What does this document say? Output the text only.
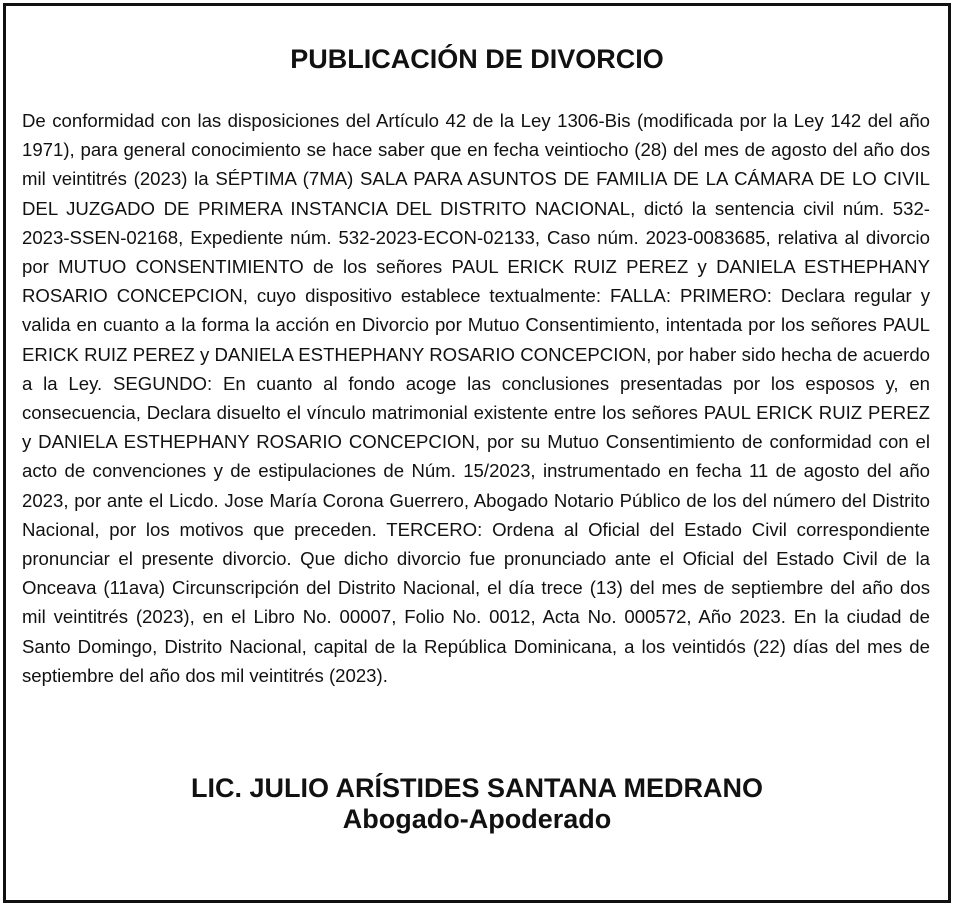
PUBLICACIÓN DE DIVORCIO

De conformidad con las disposiciones del Artículo 42 de la Ley 1306-Bis (modificada por la Ley 142 del año 1971), para general conocimiento se hace saber que en fecha veintiocho (28) del mes de agosto del año dos mil veintitrés (2023) la SÉPTIMA (7MA) SALA PARA ASUNTOS DE FAMILIA DE LA CÁMARA DE LO CIVIL DEL JUZGADO DE PRIMERA INSTANCIA DEL DISTRITO NACIONAL, dictó la sentencia civil núm. 532-2023-SSEN-02168, Expediente núm. 532-2023-ECON-02133, Caso núm. 2023-0083685, relativa al divorcio por MUTUO CONSENTIMIENTO de los señores PAUL ERICK RUIZ PEREZ y DANIELA ESTHEPHANY ROSARIO CONCEPCION, cuyo dispositivo establece textualmente: FALLA: PRIMERO: Declara regular y valida en cuanto a la forma la acción en Divorcio por Mutuo Consentimiento, intentada por los señores PAUL ERICK RUIZ PEREZ y DANIELA ESTHEPHANY ROSARIO CONCEPCION, por haber sido hecha de acuerdo a la Ley. SEGUNDO: En cuanto al fondo acoge las conclusiones presentadas por los esposos y, en consecuencia, Declara disuelto el vínculo matrimonial existente entre los señores PAUL ERICK RUIZ PEREZ y DANIELA ESTHEPHANY ROSARIO CONCEPCION, por su Mutuo Consentimiento de conformidad con el acto de convenciones y de estipulaciones de Núm. 15/2023, instrumentado en fecha 11 de agosto del año 2023, por ante el Licdo. Jose María Corona Guerrero, Abogado Notario Público de los del número del Distrito Nacional, por los motivos que preceden. TERCERO: Ordena al Oficial del Estado Civil correspondiente pronunciar el presente divorcio. Que dicho divorcio fue pronunciado ante el Oficial del Estado Civil de la Onceava (11ava) Circunscripción del Distrito Nacional, el día trece (13) del mes de septiembre del año dos mil veintitrés (2023), en el Libro No. 00007, Folio No. 0012, Acta No. 000572, Año 2023. En la ciudad de Santo Domingo, Distrito Nacional, capital de la República Dominicana, a los veintidós (22) días del mes de septiembre del año dos mil veintitrés (2023).

LIC. JULIO ARÍSTIDES SANTANA MEDRANO
Abogado-Apoderado
